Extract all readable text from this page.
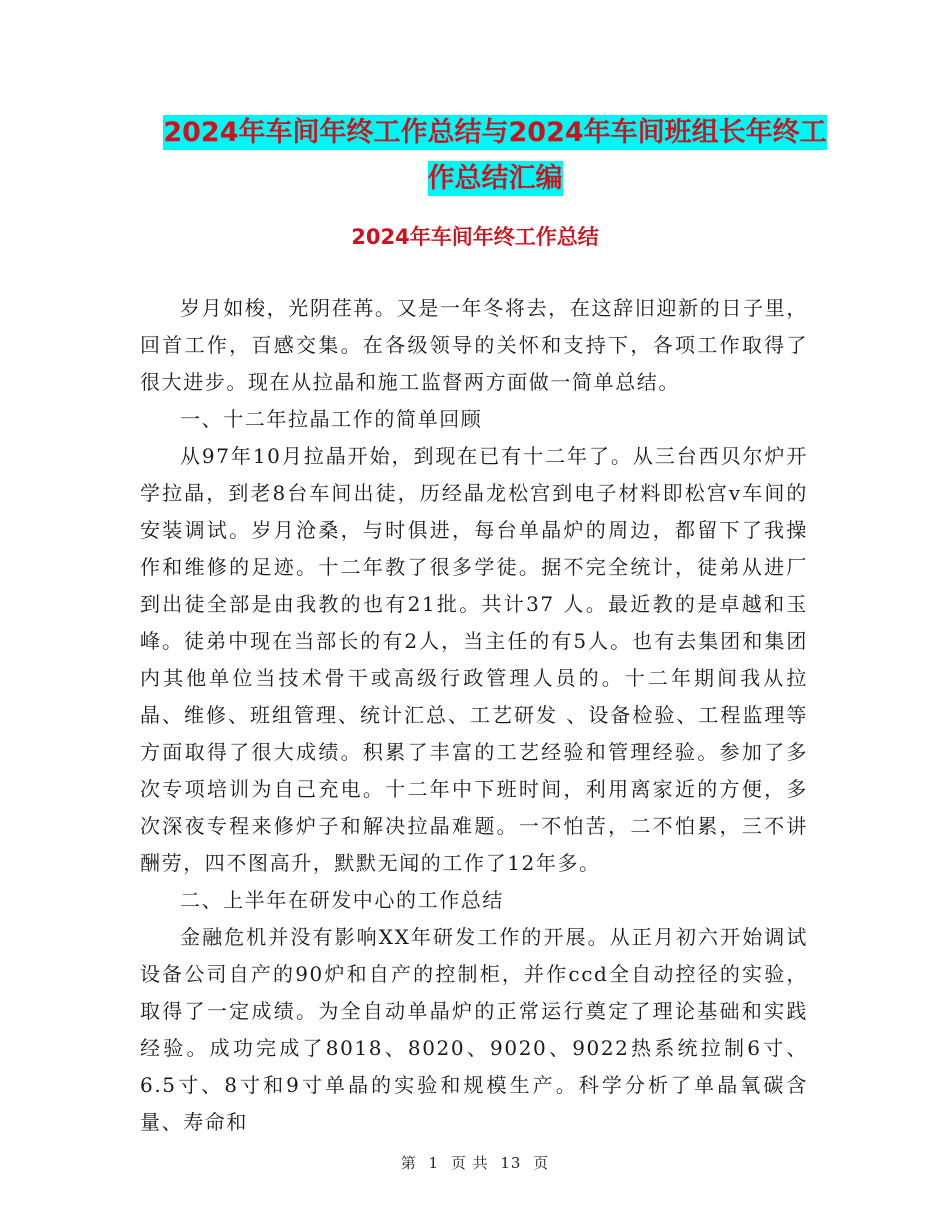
2024年车间年终工作总结与2024年车间班组长年终工
作总结汇编
2024年车间年终工作总结

岁月如梭，光阴荏苒。又是一年冬将去，在这辞旧迎新的日子里，回首工作，百感交集。在各级领导的关怀和支持下，各项工作取得了很大进步。现在从拉晶和施工监督两方面做一简单总结。

一、十二年拉晶工作的简单回顾

从97年10月拉晶开始，到现在已有十二年了。从三台西贝尔炉开学拉晶，到老8台车间出徒，历经晶龙松宫到电子材料即松宫v车间的安装调试。岁月沧桑，与时俱进，每台单晶炉的周边，都留下了我操作和维修的足迹。十二年教了很多学徒。据不完全统计，徒弟从进厂到出徒全部是由我教的也有21批。共计37 人。最近教的是卓越和玉峰。徒弟中现在当部长的有2人，当主任的有5人。也有去集团和集团内其他单位当技术骨干或高级行政管理人员的。十二年期间我从拉晶、维修、班组管理、统计汇总、工艺研发 、设备检验、工程监理等方面取得了很大成绩。积累了丰富的工艺经验和管理经验。参加了多次专项培训为自己充电。十二年中下班时间，利用离家近的方便，多次深夜专程来修炉子和解决拉晶难题。一不怕苦，二不怕累，三不讲酬劳，四不图高升，默默无闻的工作了12年多。

二、上半年在研发中心的工作总结

金融危机并没有影响XX年研发工作的开展。从正月初六开始调试设备公司自产的90炉和自产的控制柜，并作ccd全自动控径的实验，取得了一定成绩。为全自动单晶炉的正常运行奠定了理论基础和实践经验。成功完成了8018、8020、9020、9022热系统拉制6寸、6.5寸、8寸和9寸单晶的实验和规模生产。科学分析了单晶氧碳含量、寿命和

第 1 页 共 13 页
